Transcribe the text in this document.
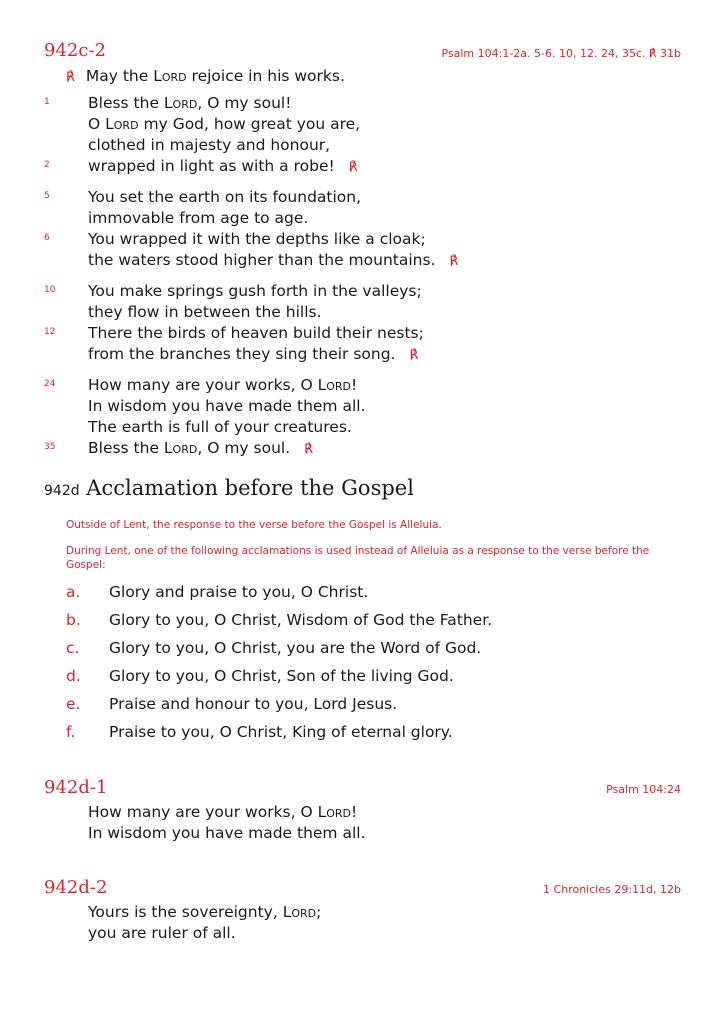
942c-2	Psalm 104:1-2a. 5-6. 10, 12. 24, 35c. ℟ 31b
℟ May the Lord rejoice in his works.
1 Bless the Lord, O my soul!
O Lord my God, how great you are,
clothed in majesty and honour,
2 wrapped in light as with a robe! ℟
5 You set the earth on its foundation,
immovable from age to age.
6 You wrapped it with the depths like a cloak;
the waters stood higher than the mountains. ℟
10 You make springs gush forth in the valleys;
they flow in between the hills.
12 There the birds of heaven build their nests;
from the branches they sing their song. ℟
24 How many are your works, O Lord!
In wisdom you have made them all.
The earth is full of your creatures.
35 Bless the Lord, O my soul. ℟
942d Acclamation before the Gospel
Outside of Lent, the response to the verse before the Gospel is Alleluia.
During Lent, one of the following acclamations is used instead of Alleluia as a response to the verse before the Gospel:
a. Glory and praise to you, O Christ.
b. Glory to you, O Christ, Wisdom of God the Father.
c. Glory to you, O Christ, you are the Word of God.
d. Glory to you, O Christ, Son of the living God.
e. Praise and honour to you, Lord Jesus.
f. Praise to you, O Christ, King of eternal glory.
942d-1	Psalm 104:24
How many are your works, O Lord!
In wisdom you have made them all.
942d-2	1 Chronicles 29:11d, 12b
Yours is the sovereignty, Lord;
you are ruler of all.
